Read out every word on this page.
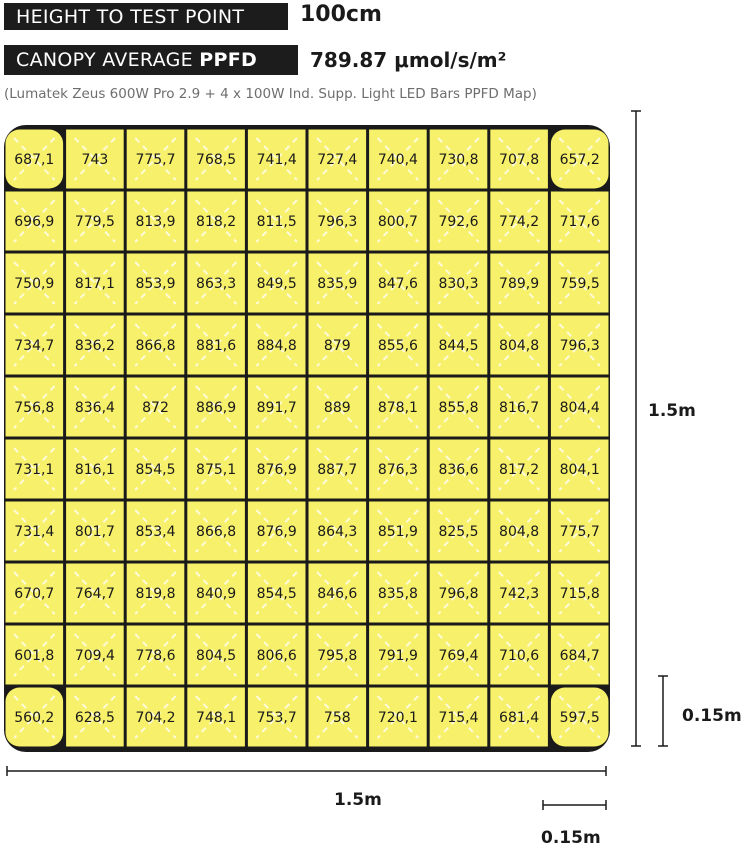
HEIGHT TO TEST POINT	100cm
CANOPY AVERAGE PPFD	789.87 μmol/s/m²
(Lumatek Zeus 600W Pro 2.9 + 4 x 100W Ind. Supp. Light LED Bars PPFD Map)
687,1 743 775,7 768,5 741,4 727,4 740,4 730,8 707,8 657,2
696,9 779,5 813,9 818,2 811,5 796,3 800,7 792,6 774,2 717,6
750,9 817,1 853,9 863,3 849,5 835,9 847,6 830,3 789,9 759,5
734,7 836,2 866,8 881,6 884,8 879 855,6 844,5 804,8 796,3
756,8 836,4 872 886,9 891,7 889 878,1 855,8 816,7 804,4
731,1 816,1 854,5 875,1 876,9 887,7 876,3 836,6 817,2 804,1
731,4 801,7 853,4 866,8 876,9 864,3 851,9 825,5 804,8 775,7
670,7 764,7 819,8 840,9 854,5 846,6 835,8 796,8 742,3 715,8
601,8 709,4 778,6 804,5 806,6 795,8 791,9 769,4 710,6 684,7
560,2 628,5 704,2 748,1 753,7 758 720,1 715,4 681,4 597,5
1.5m
0.15m
1.5m
0.15m
